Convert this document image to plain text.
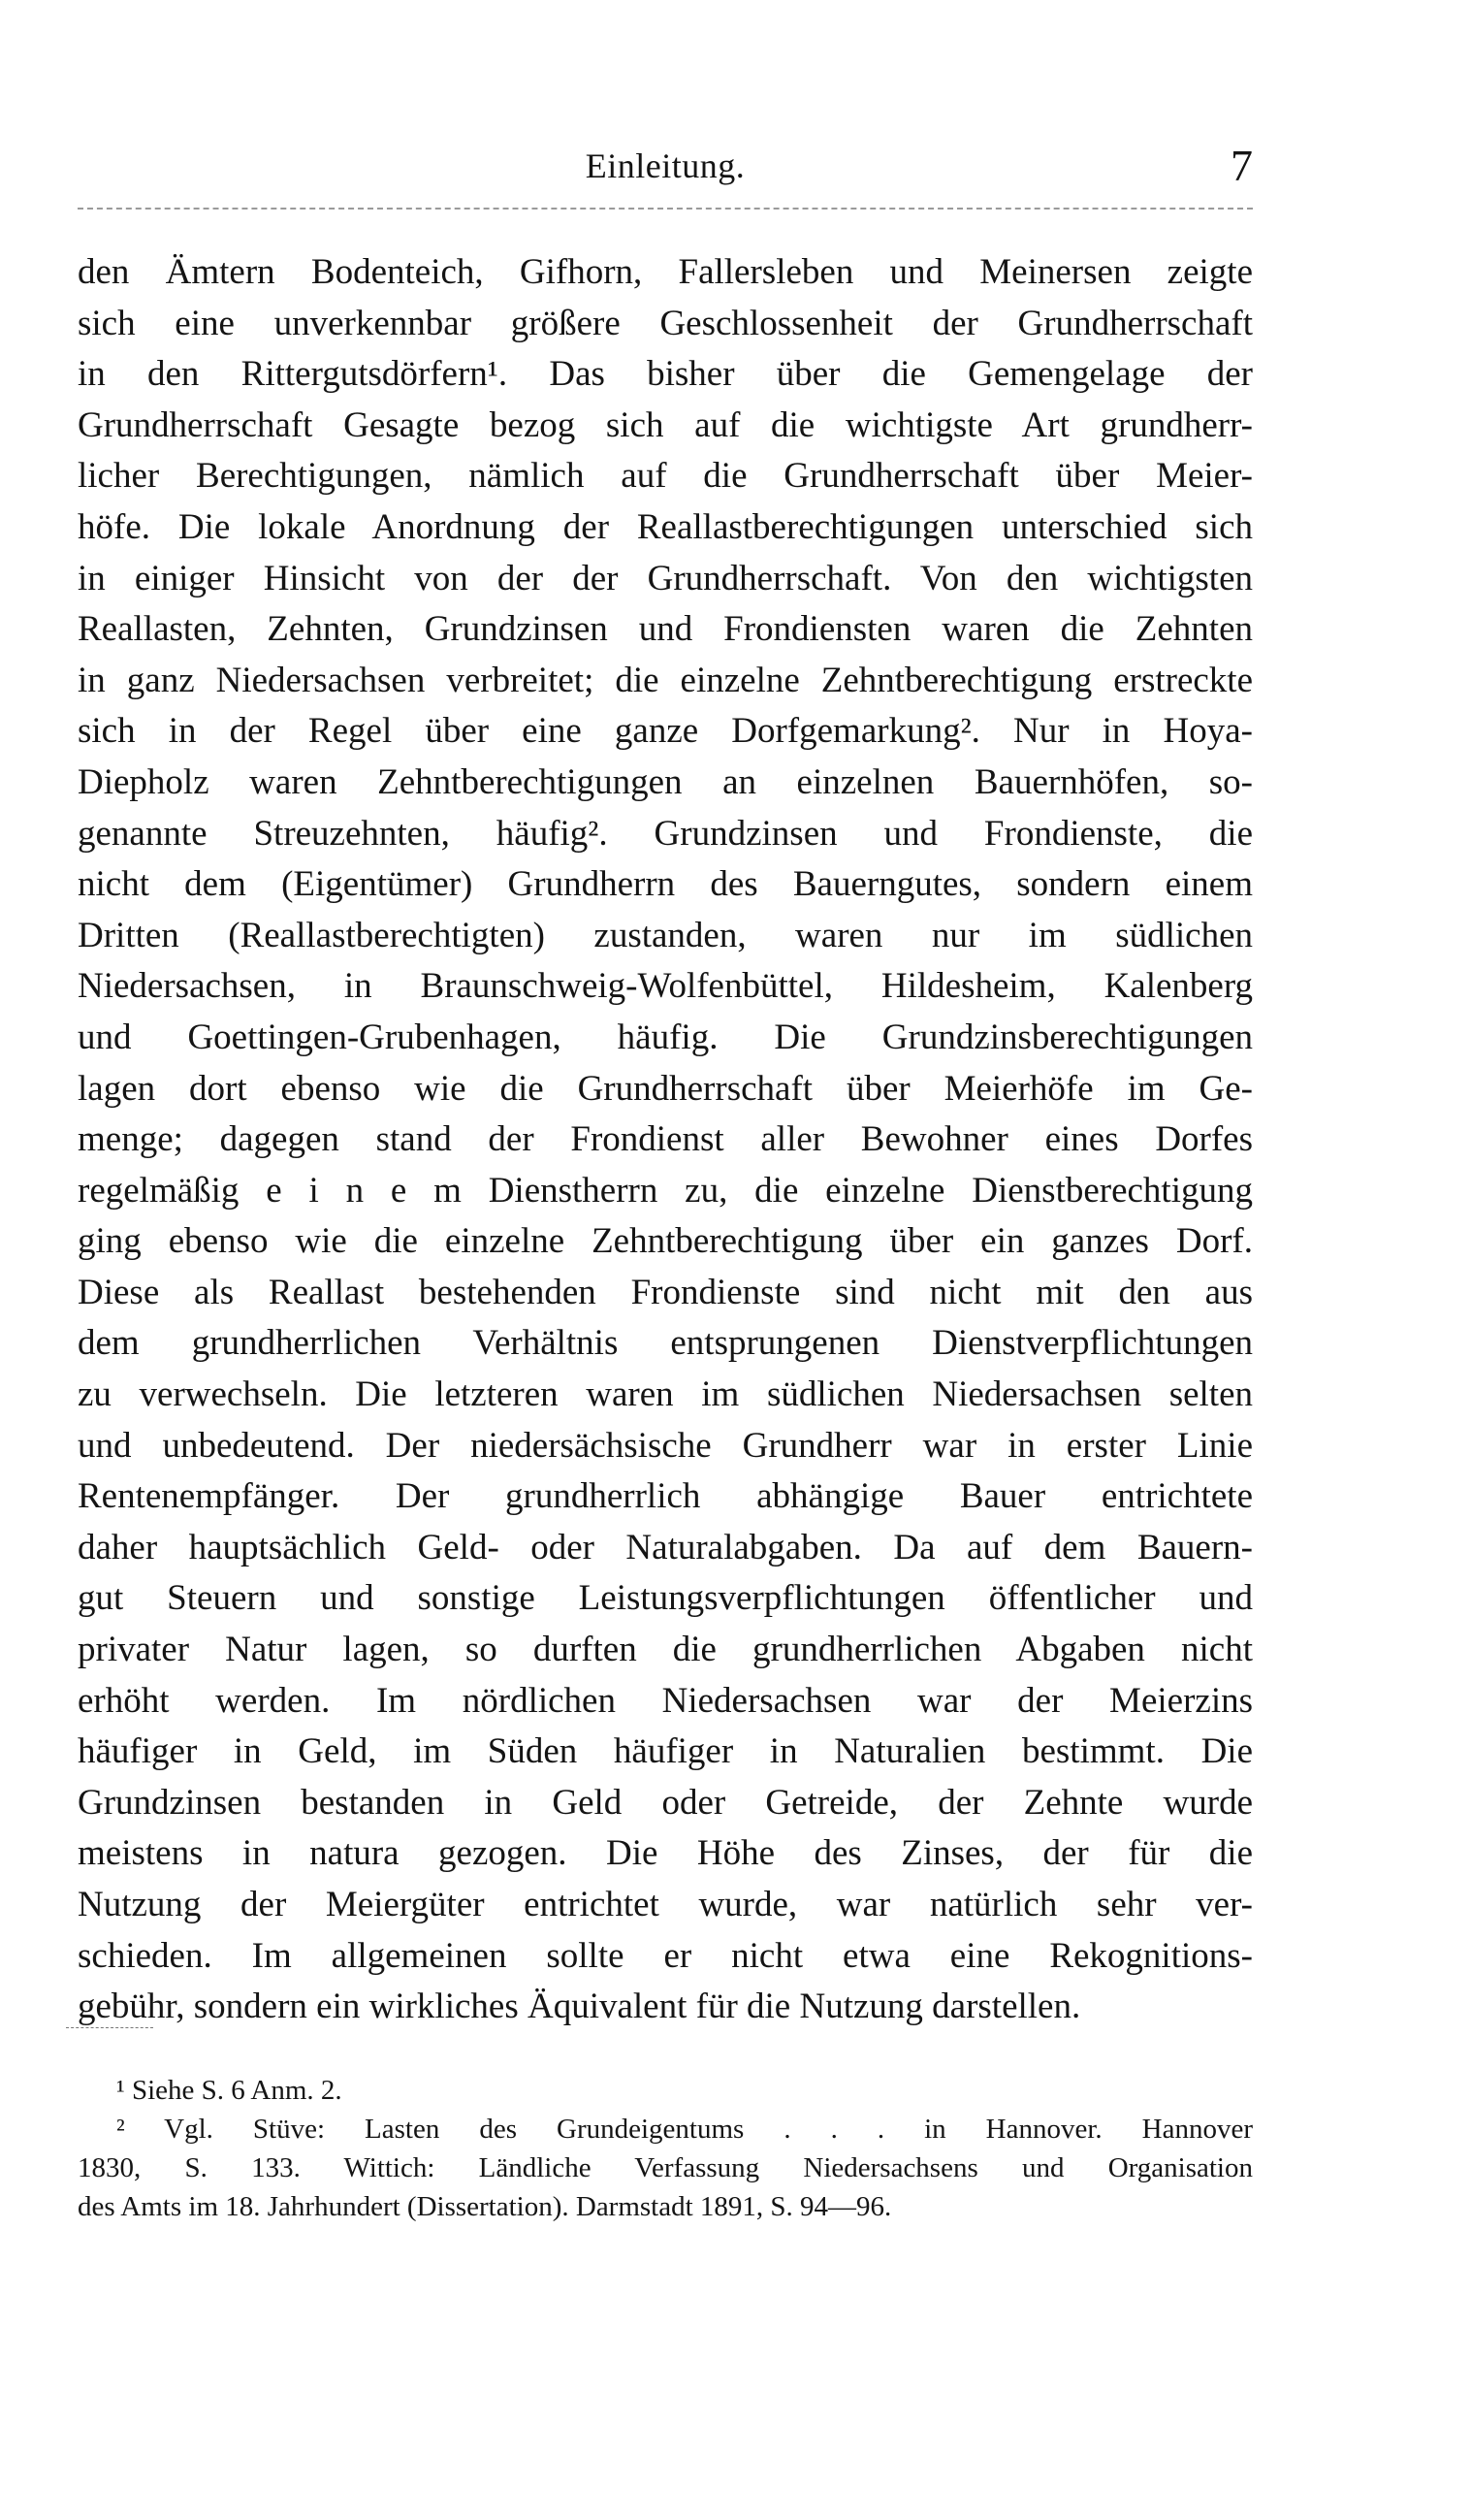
Einleitung.	7
den Ämtern Bodenteich, Gifhorn, Fallersleben und Meinersen zeigte
sich eine unverkennbar größere Geschlossenheit der Grundherrschaft
in den Rittergutsdörfern¹. Das bisher über die Gemengelage der
Grundherrschaft Gesagte bezog sich auf die wichtigste Art grundherr-
licher Berechtigungen, nämlich auf die Grundherrschaft über Meier-
höfe. Die lokale Anordnung der Reallastberechtigungen unterschied sich
in einiger Hinsicht von der der Grundherrschaft. Von den wichtigsten
Reallasten, Zehnten, Grundzinsen und Frondiensten waren die Zehnten
in ganz Niedersachsen verbreitet; die einzelne Zehntberechtigung erstreckte
sich in der Regel über eine ganze Dorfgemarkung². Nur in Hoya-
Diepholz waren Zehntberechtigungen an einzelnen Bauernhöfen, so-
genannte Streuzehnten, häufig². Grundzinsen und Frondienste, die
nicht dem (Eigentümer) Grundherrn des Bauerngutes, sondern einem
Dritten (Reallastberechtigten) zustanden, waren nur im südlichen
Niedersachsen, in Braunschweig-Wolfenbüttel, Hildesheim, Kalenberg
und Goettingen-Grubenhagen, häufig. Die Grundzinsberechtigungen
lagen dort ebenso wie die Grundherrschaft über Meierhöfe im Ge-
menge; dagegen stand der Frondienst aller Bewohner eines Dorfes
regelmäßig e i n e m Dienstherrn zu, die einzelne Dienstberechtigung
ging ebenso wie die einzelne Zehntberechtigung über ein ganzes Dorf.
Diese als Reallast bestehenden Frondienste sind nicht mit den aus
dem grundherrlichen Verhältnis entsprungenen Dienstverpflichtungen
zu verwechseln. Die letzteren waren im südlichen Niedersachsen selten
und unbedeutend. Der niedersächsische Grundherr war in erster Linie
Rentenempfänger. Der grundherrlich abhängige Bauer entrichtete
daher hauptsächlich Geld- oder Naturalabgaben. Da auf dem Bauern-
gut Steuern und sonstige Leistungsverpflichtungen öffentlicher und
privater Natur lagen, so durften die grundherrlichen Abgaben nicht
erhöht werden. Im nördlichen Niedersachsen war der Meierzins
häufiger in Geld, im Süden häufiger in Naturalien bestimmt. Die
Grundzinsen bestanden in Geld oder Getreide, der Zehnte wurde
meistens in natura gezogen. Die Höhe des Zinses, der für die
Nutzung der Meiergüter entrichtet wurde, war natürlich sehr ver-
schieden. Im allgemeinen sollte er nicht etwa eine Rekognitions-
gebühr, sondern ein wirkliches Äquivalent für die Nutzung darstellen.
¹ Siehe S. 6 Anm. 2.
² Vgl. Stüve: Lasten des Grundeigentums . . . in Hannover. Hannover
1830, S. 133. Wittich: Ländliche Verfassung Niedersachsens und Organisation
des Amts im 18. Jahrhundert (Dissertation). Darmstadt 1891, S. 94—96.
